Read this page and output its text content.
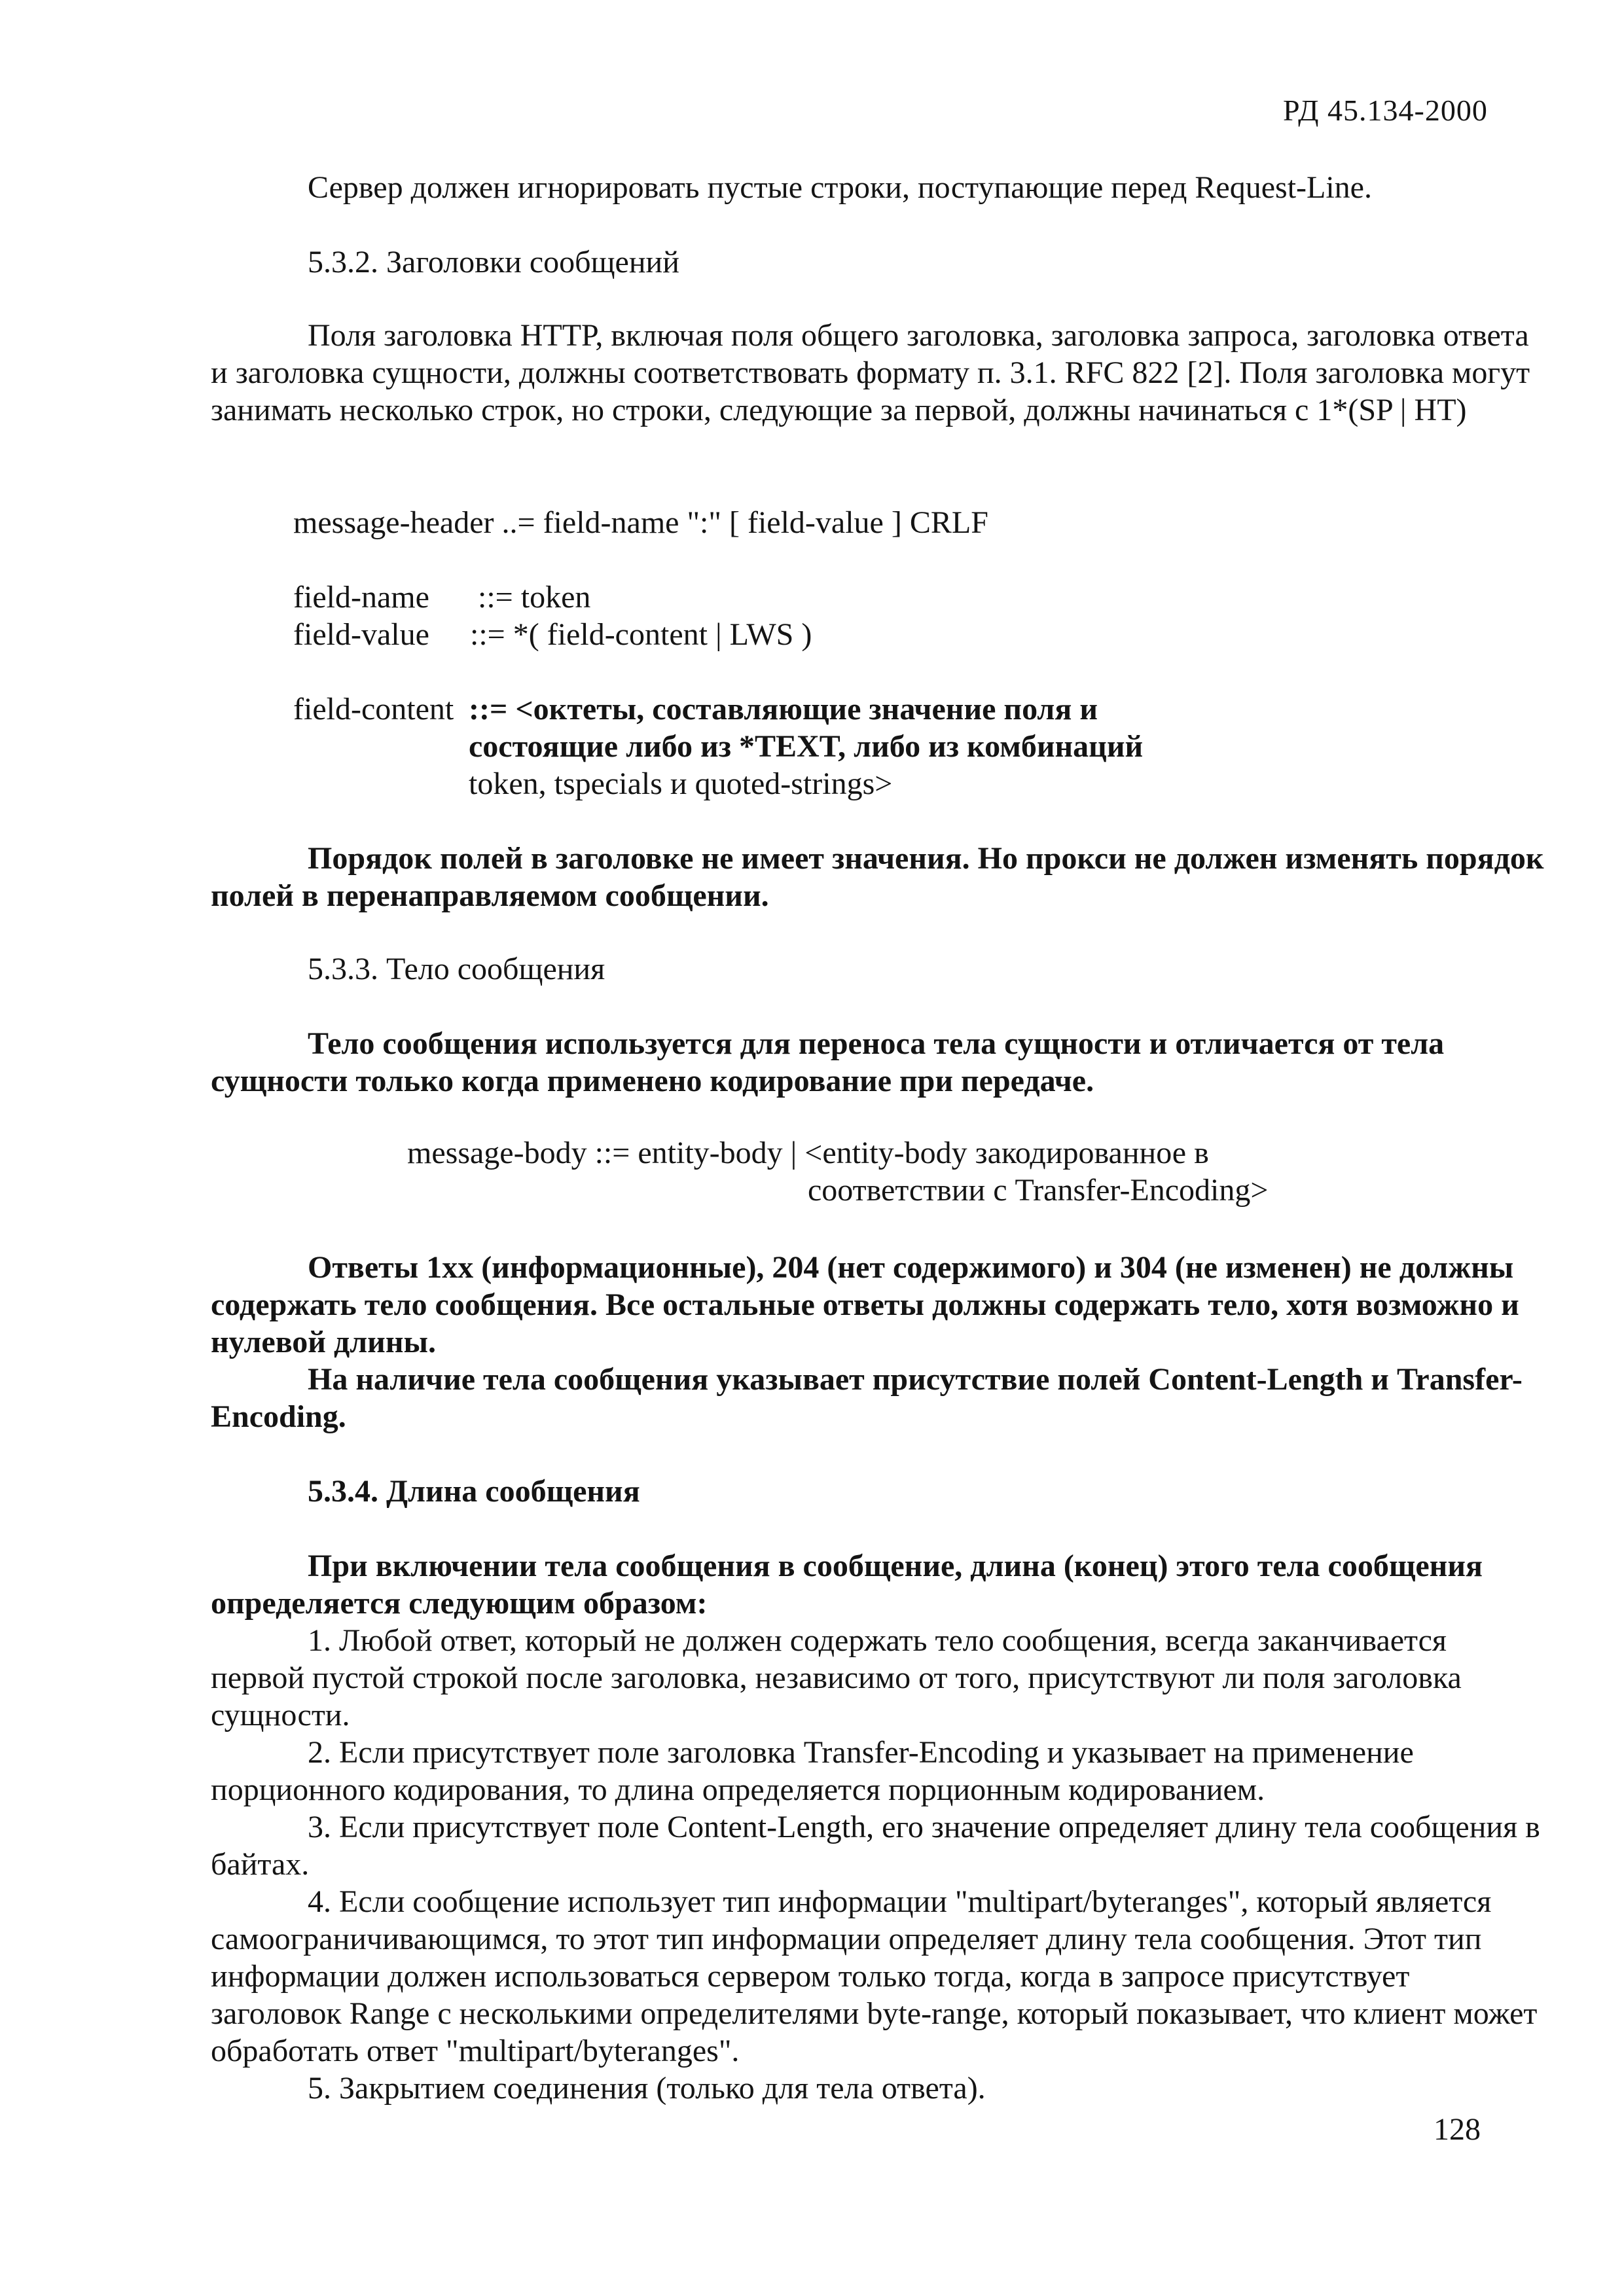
РД 45.134-2000

Сервер должен игнорировать пустые строки, поступающие перед Request-Line.

5.3.2. Заголовки сообщений

Поля заголовка HTTP, включая поля общего заголовка, заголовка запроса, заголовка ответа и заголовка сущности, должны соответствовать формату п. 3.1. RFC 822 [2]. Поля заголовка могут занимать несколько строк, но строки, следующие за первой, должны начинаться с 1*(SP | HT)

message-header ..= field-name ":" [ field-value ] CRLF

field-name ::= token

field-value ::= *( field-content | LWS )

field-content ::= <октеты, составляющие значение поля и

состоящие либо из *TEXT, либо из комбинаций

token, tspecials и quoted-strings>

Порядок полей в заголовке не имеет значения. Но прокси не должен изменять порядок полей в перенаправляемом сообщении.

5.3.3. Тело сообщения

Тело сообщения используется для переноса тела сущности и отличается от тела сущности только когда применено кодирование при передаче.

message-body ::= entity-body | <entity-body закодированное в

соответствии с Transfer-Encoding>

Ответы 1xx (информационные), 204 (нет содержимого) и 304 (не изменен) не должны содержать тело сообщения. Все остальные ответы должны содержать тело, хотя возможно и нулевой длины.

На наличие тела сообщения указывает присутствие полей Content-Length и Transfer-Encoding.

5.3.4. Длина сообщения

При включении тела сообщения в сообщение, длина (конец) этого тела сообщения определяется следующим образом:

1. Любой ответ, который не должен содержать тело сообщения, всегда заканчивается первой пустой строкой после заголовка, независимо от того, присутствуют ли поля заголовка сущности.

2. Если присутствует поле заголовка Transfer-Encoding и указывает на применение порционного кодирования, то длина определяется порционным кодированием.

3. Если присутствует поле Content-Length, его значение определяет длину тела сообщения в байтах.

4. Если сообщение использует тип информации "multipart/byteranges", который является самоограничивающимся, то этот тип информации определяет длину тела сообщения. Этот тип информации должен использоваться сервером только тогда, когда в запросе присутствует заголовок Range с несколькими определителями byte-range, который показывает, что клиент может обработать ответ "multipart/byteranges".

5. Закрытием соединения (только для тела ответа).

128
